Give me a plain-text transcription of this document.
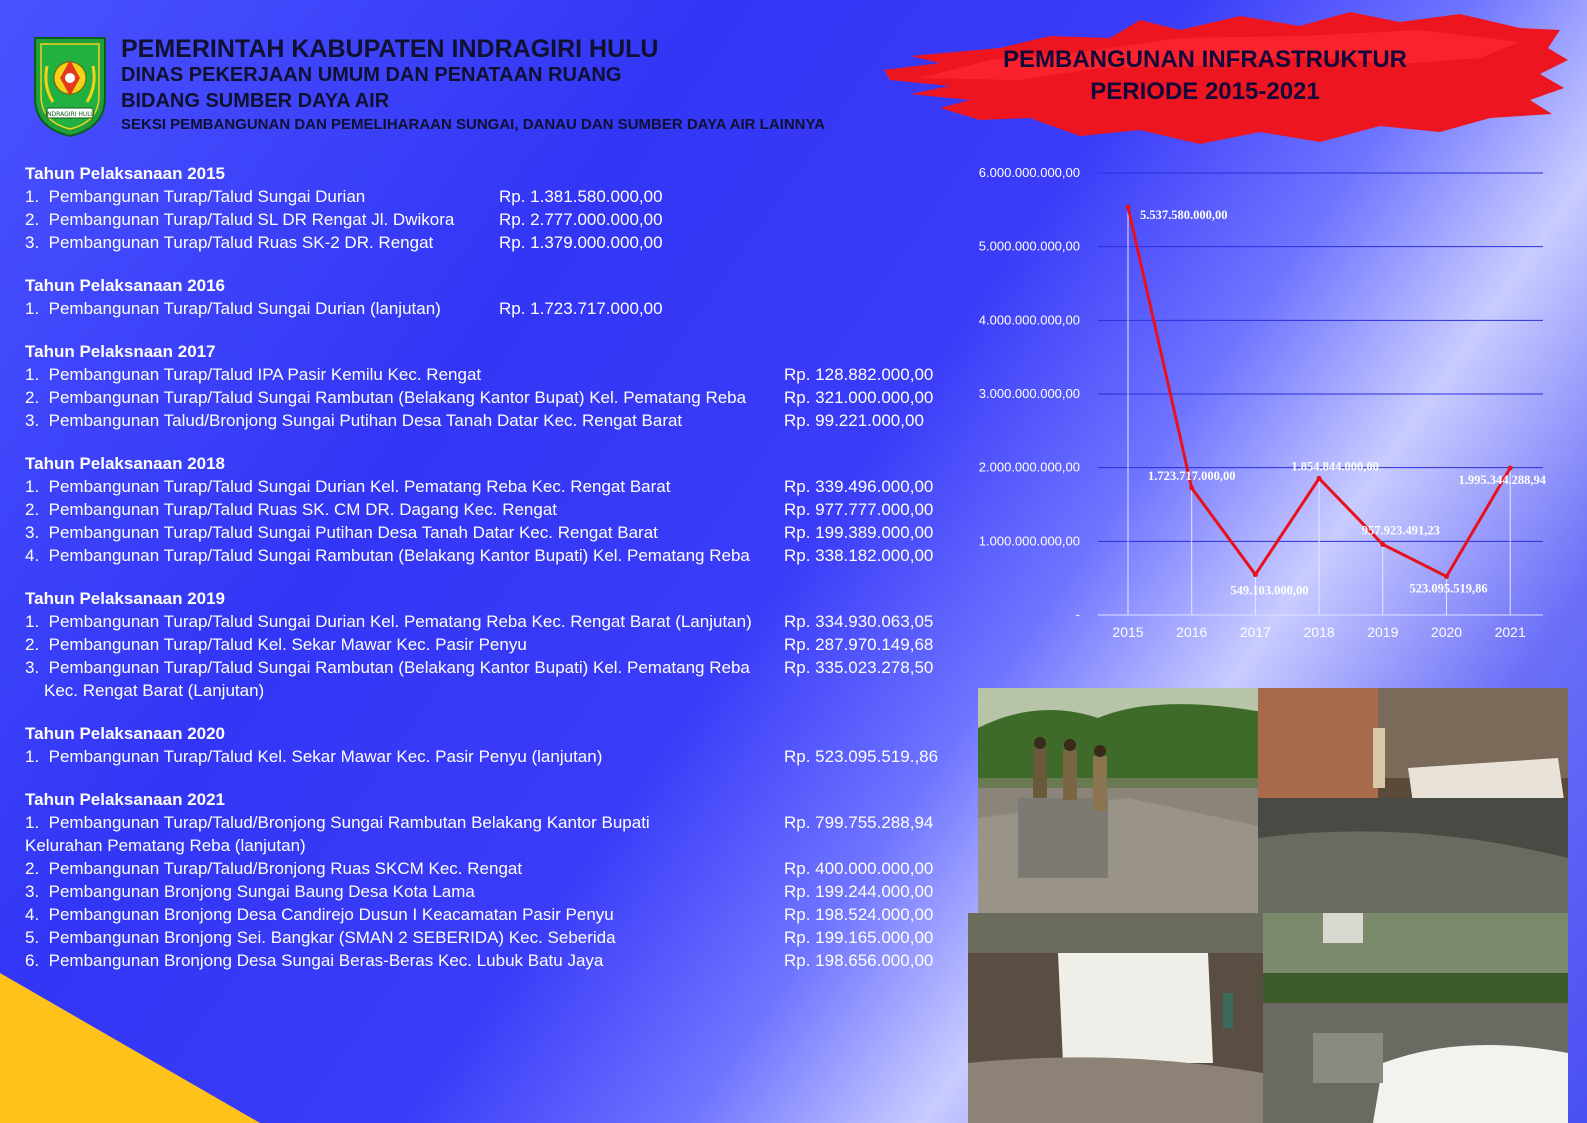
INDRAGIRI HULU

PEMERINTAH KABUPATEN INDRAGIRI HULU

DINAS PEKERJAAN UMUM DAN PENATAAN RUANG

BIDANG SUMBER DAYA AIR

SEKSI PEMBANGUNAN DAN PEMELIHARAAN SUNGAI, DANAU DAN SUMBER DAYA AIR LAINNYA

PEMBANGUNAN INFRASTRUKTUR
PERIODE 2015-2021
Tahun Pelaksanaan 2015
1.  Pembangunan Turap/Talud Sungai Durian	Rp. 1.381.580.000,00
2.  Pembangunan Turap/Talud SL DR Rengat Jl. Dwikora	Rp. 2.777.000.000,00
3.  Pembangunan Turap/Talud Ruas SK-2 DR. Rengat	Rp. 1.379.000.000,00
Tahun Pelaksanaan 2016
1.  Pembangunan Turap/Talud Sungai Durian (lanjutan)	Rp. 1.723.717.000,00
Tahun Pelaksnaan 2017
1.  Pembangunan Turap/Talud IPA Pasir Kemilu Kec. Rengat	Rp. 128.882.000,00
2.  Pembangunan Turap/Talud Sungai Rambutan (Belakang Kantor Bupat) Kel. Pematang Reba	Rp. 321.000.000,00
3.  Pembangunan Talud/Bronjong Sungai Putihan Desa Tanah Datar Kec. Rengat Barat	Rp. 99.221.000,00
Tahun Pelaksanaan 2018
1.  Pembangunan Turap/Talud Sungai Durian Kel. Pematang Reba Kec. Rengat Barat	Rp. 339.496.000,00
2.  Pembangunan Turap/Talud Ruas SK. CM DR. Dagang Kec. Rengat	Rp. 977.777.000,00
3.  Pembangunan Turap/Talud Sungai Putihan Desa Tanah Datar Kec. Rengat Barat	Rp. 199.389.000,00
4.  Pembangunan Turap/Talud Sungai Rambutan (Belakang Kantor Bupati) Kel. Pematang Reba	Rp. 338.182.000,00
Tahun Pelaksanaan 2019
1.  Pembangunan Turap/Talud Sungai Durian Kel. Pematang Reba Kec. Rengat Barat (Lanjutan)	Rp. 334.930.063,05
2.  Pembangunan Turap/Talud Kel. Sekar Mawar Kec. Pasir Penyu	Rp. 287.970.149,68
3.  Pembangunan Turap/Talud Sungai Rambutan (Belakang Kantor Bupati) Kel. Pematang Reba	Rp. 335.023.278,50
Kec. Rengat Barat (Lanjutan)
Tahun Pelaksanaan 2020
1.  Pembangunan Turap/Talud Kel. Sekar Mawar Kec. Pasir Penyu (lanjutan)	Rp. 523.095.519.,86
Tahun Pelaksanaan 2021
1.  Pembangunan Turap/Talud/Bronjong Sungai Rambutan Belakang Kantor Bupati	Rp. 799.755.288,94
Kelurahan Pematang Reba (lanjutan)
2.  Pembangunan Turap/Talud/Bronjong Ruas SKCM Kec. Rengat	Rp. 400.000.000,00
3.  Pembangunan Bronjong Sungai Baung Desa Kota Lama	Rp. 199.244.000,00
4.  Pembangunan Bronjong Desa Candirejo Dusun I Keacamatan Pasir Penyu	Rp. 198.524.000,00
5.  Pembangunan Bronjong Sei. Bangkar (SMAN 2 SEBERIDA) Kec. Seberida	Rp. 199.165.000,00
6.  Pembangunan Bronjong Desa Sungai Beras-Beras Kec. Lubuk Batu Jaya	Rp. 198.656.000,00
-
1.000.000.000,00
2.000.000.000,00
3.000.000.000,00
4.000.000.000,00
5.000.000.000,00
6.000.000.000,00
2015 2016 2017 2018 2019 2020 2021
5.537.580.000,00
1.723.717.000,00
549.103.000,00
1.854.844.000,00
957.923.491,23
523.095.519,86
1.995.344.288,94
